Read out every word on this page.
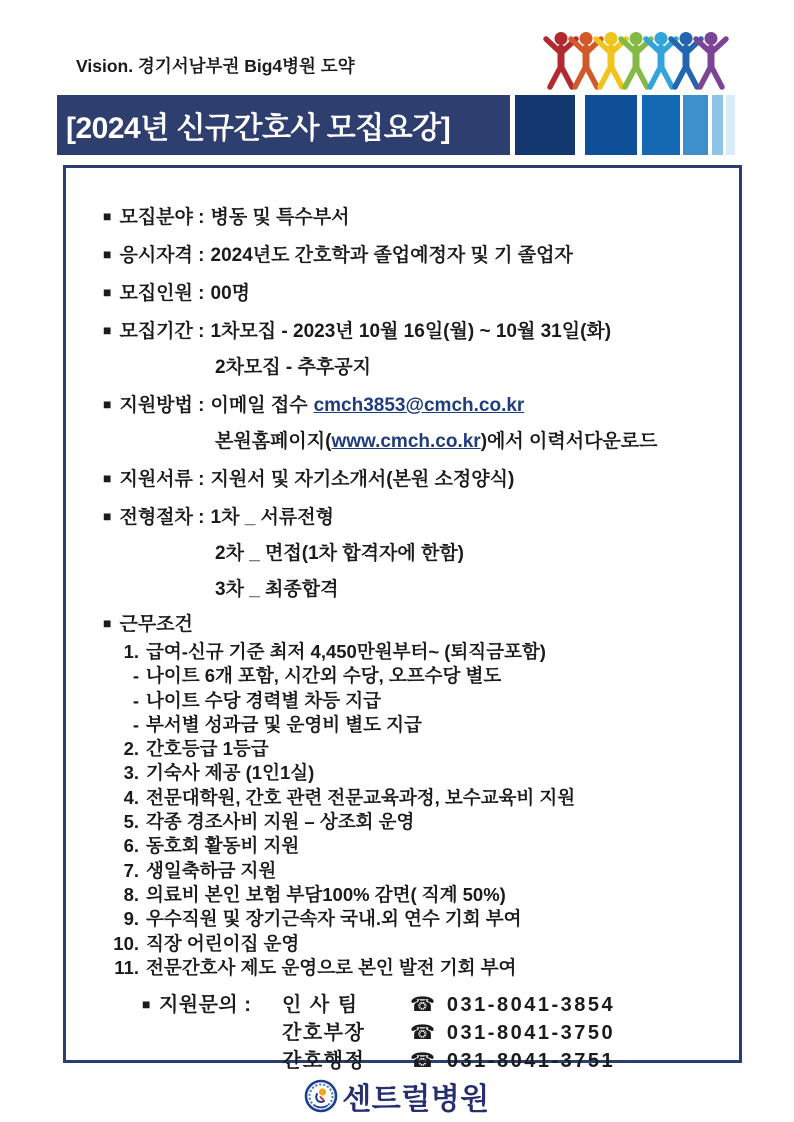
Vision. 경기서남부권 Big4병원 도약
[2024년 신규간호사 모집요강]
■ 모집분야 : 병동 및 특수부서
■ 응시자격 : 2024년도 간호학과 졸업예정자 및 기 졸업자
■ 모집인원 : 00명
■ 모집기간 : 1차모집 - 2023년 10월 16일(월) ~ 10월 31일(화)
2차모집 - 추후공지
■ 지원방법 : 이메일 접수 cmch3853@cmch.co.kr
본원홈페이지(www.cmch.co.kr)에서 이력서다운로드
■ 지원서류 : 지원서 및 자기소개서(본원 소정양식)
■ 전형절차 : 1차 _ 서류전형
2차 _ 면접(1차 합격자에 한함)
3차 _ 최종합격
■ 근무조건
1. 급여-신규 기준 최저 4,450만원부터~ (퇴직금포함)
- 나이트 6개 포함, 시간외 수당, 오프수당 별도
- 나이트 수당 경력별 차등 지급
- 부서별 성과금 및 운영비 별도 지급
2. 간호등급 1등급
3. 기숙사 제공 (1인1실)
4. 전문대학원, 간호 관련 전문교육과정, 보수교육비 지원
5. 각종 경조사비 지원 – 상조회 운영
6. 동호회 활동비 지원
7. 생일축하금 지원
8. 의료비 본인 보험 부담100% 감면( 직계 50%)
9. 우수직원 및 장기근속자 국내.외 연수 기회 부여
10. 직장 어린이집 운영
11. 전문간호사 제도 운영으로 본인 발전 기회 부여
■ 지원문의 :	인 사 팀	☎ 031-8041-3854
간호부장	☎ 031-8041-3750
간호행정	☎ 031-8041-3751
센트럴병원
